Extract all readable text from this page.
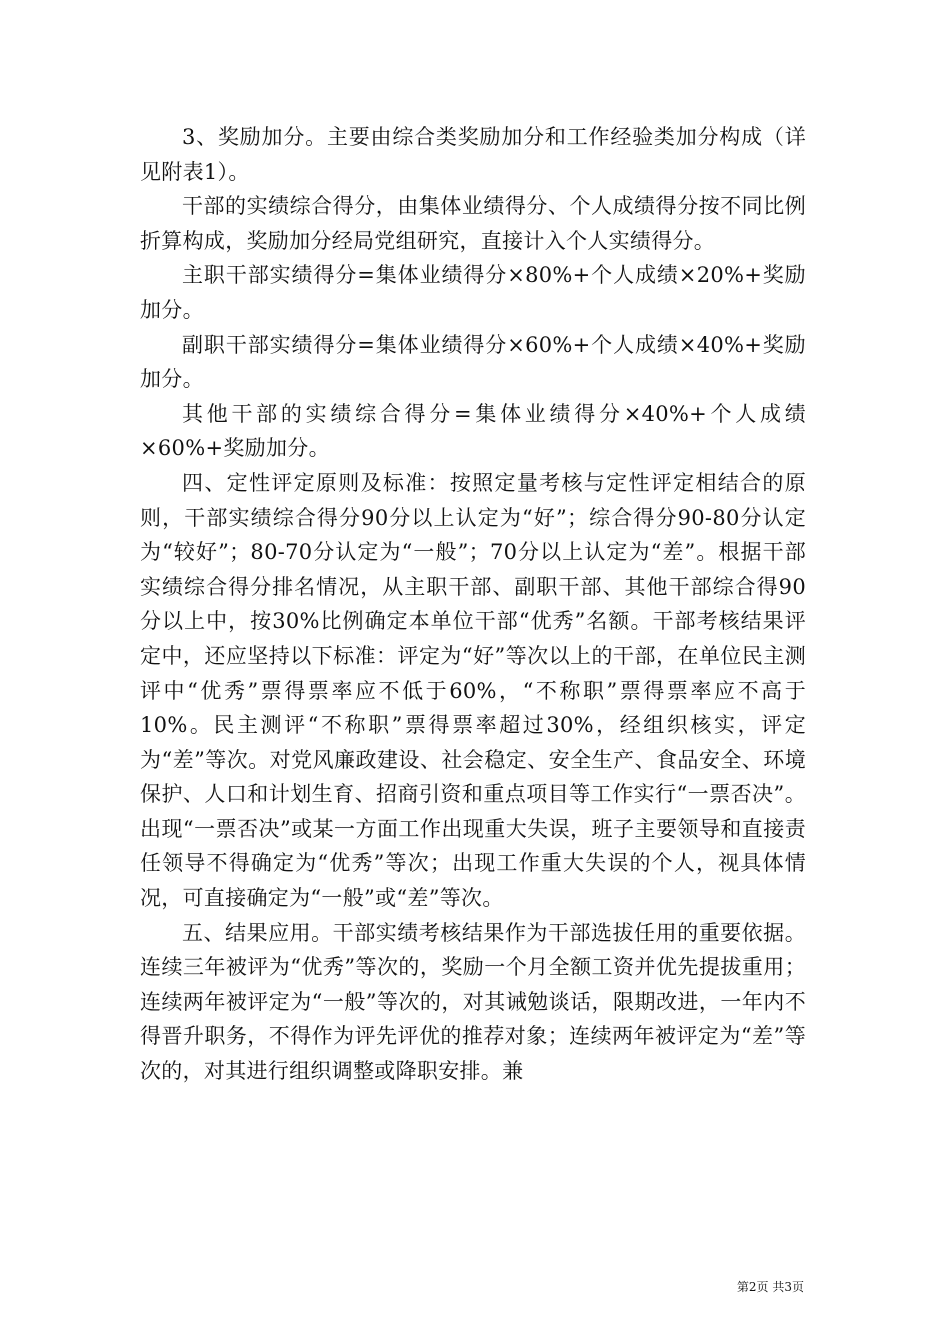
3、奖励加分。主要由综合类奖励加分和工作经验类加分构成（详见附表1）。

干部的实绩综合得分，由集体业绩得分、个人成绩得分按不同比例折算构成，奖励加分经局党组研究，直接计入个人实绩得分。

主职干部实绩得分=集体业绩得分×80%+个人成绩×20%+奖励加分。

副职干部实绩得分=集体业绩得分×60%+个人成绩×40%+奖励加分。

其他干部的实绩综合得分=集体业绩得分×40%+个人成绩×60%+奖励加分。

四、定性评定原则及标准：按照定量考核与定性评定相结合的原则，干部实绩综合得分90分以上认定为“好”；综合得分90-80分认定为“较好”；80-70分认定为“一般”；70分以上认定为“差”。根据干部实绩综合得分排名情况，从主职干部、副职干部、其他干部综合得90分以上中，按30%比例确定本单位干部“优秀”名额。干部考核结果评定中，还应坚持以下标准：评定为“好”等次以上的干部，在单位民主测评中“优秀”票得票率应不低于60%，“不称职”票得票率应不高于10%。民主测评“不称职”票得票率超过30%，经组织核实，评定为“差”等次。对党风廉政建设、社会稳定、安全生产、食品安全、环境保护、人口和计划生育、招商引资和重点项目等工作实行“一票否决”。出现“一票否决”或某一方面工作出现重大失误，班子主要领导和直接责任领导不得确定为“优秀”等次；出现工作重大失误的个人，视具体情况，可直接确定为“一般”或“差”等次。

五、结果应用。干部实绩考核结果作为干部选拔任用的重要依据。连续三年被评为“优秀”等次的，奖励一个月全额工资并优先提拔重用；连续两年被评定为“一般”等次的，对其诫勉谈话，限期改进，一年内不得晋升职务，不得作为评先评优的推荐对象；连续两年被评定为“差”等次的，对其进行组织调整或降职安排。兼

第2页 共3页
